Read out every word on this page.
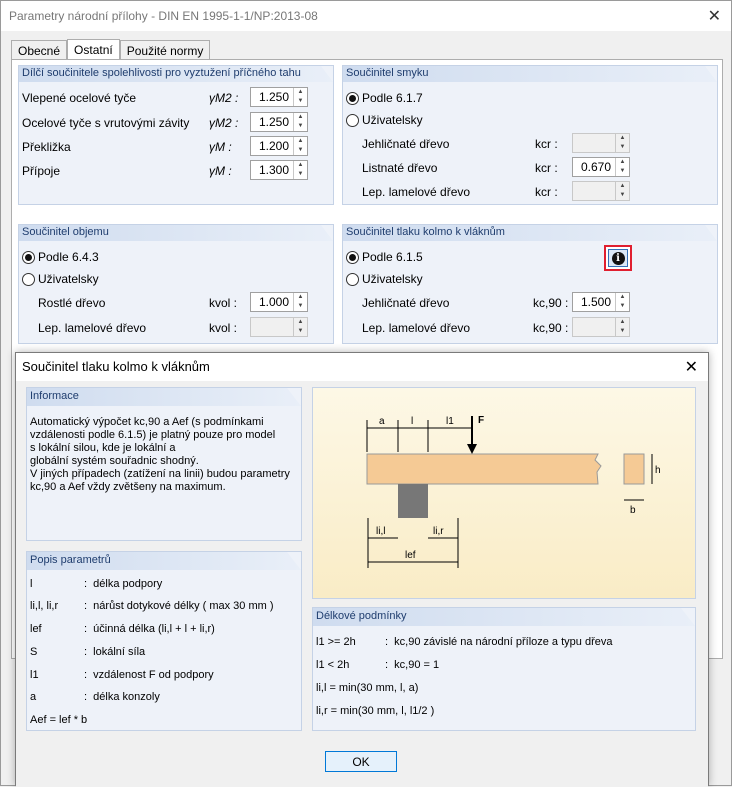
Parametry národní přílohy - DIN EN 1995-1-1/NP:2013-08	✕
Obecné	Ostatní	Použité normy
Dílčí součinitele spolehlivosti pro vyztužení příčného tahu
Vlepené ocelové tyče	γM2 :	1.250	▲
▼
Ocelové tyče s vrutovými závity γM2 :	1.250	▲
▼
Překližka	γM :	1.200	▲
▼
Přípoje	γM :	1.300	▲
▼
Součinitel smyku
Podle 6.1.7
Uživatelsky
Jehličnaté dřevo	kcr :	▲
▼
Listnaté dřevo	kcr :	0.670	▲
▼
Lep. lamelové dřevo	kcr :	▲
▼
Součinitel objemu
Podle 6.4.3
Uživatelsky
Rostlé dřevo	kvol :	1.000	▲
▼
Lep. lamelové dřevo	kvol :	▲
▼
Součinitel tlaku kolmo k vláknům
Podle 6.1.5	i
Uživatelsky
Jehličnaté dřevo	kc,90 :	1.500	▲
▼
Lep. lamelové dřevo	kc,90 :	▲
▼
Součinitel tlaku kolmo k vláknům	✕
Informace
Automatický výpočet kc,90 a Aef (s podmínkami
vzdálenosti podle 6.1.5) je platný pouze pro model
s lokální silou, kde je lokální a
globální systém souřadnic shodný.
V jiných případech (zatížení na linii) budou parametry
kc,90 a Aef vždy zvětšeny na maximum.
Popis parametrů
l	:  délka podpory
li,l, li,r :  nárůst dotykové délky ( max 30 mm )
lef	:  účinná délka (li,l + l + li,r)
S	:  lokální síla
l1	:  vzdálenost F od podpory
a	:  délka konzoly
Aef = lef * b
F
a	l	l1
h
b
li,l	li,r
lef
Délkové podmínky
l1 >= 2h	:  kc,90 závislé na národní příloze a typu dřeva
l1 < 2h	:  kc,90 = 1
li,l = min(30 mm, l, a)
li,r = min(30 mm, l, l1/2 )
OK
